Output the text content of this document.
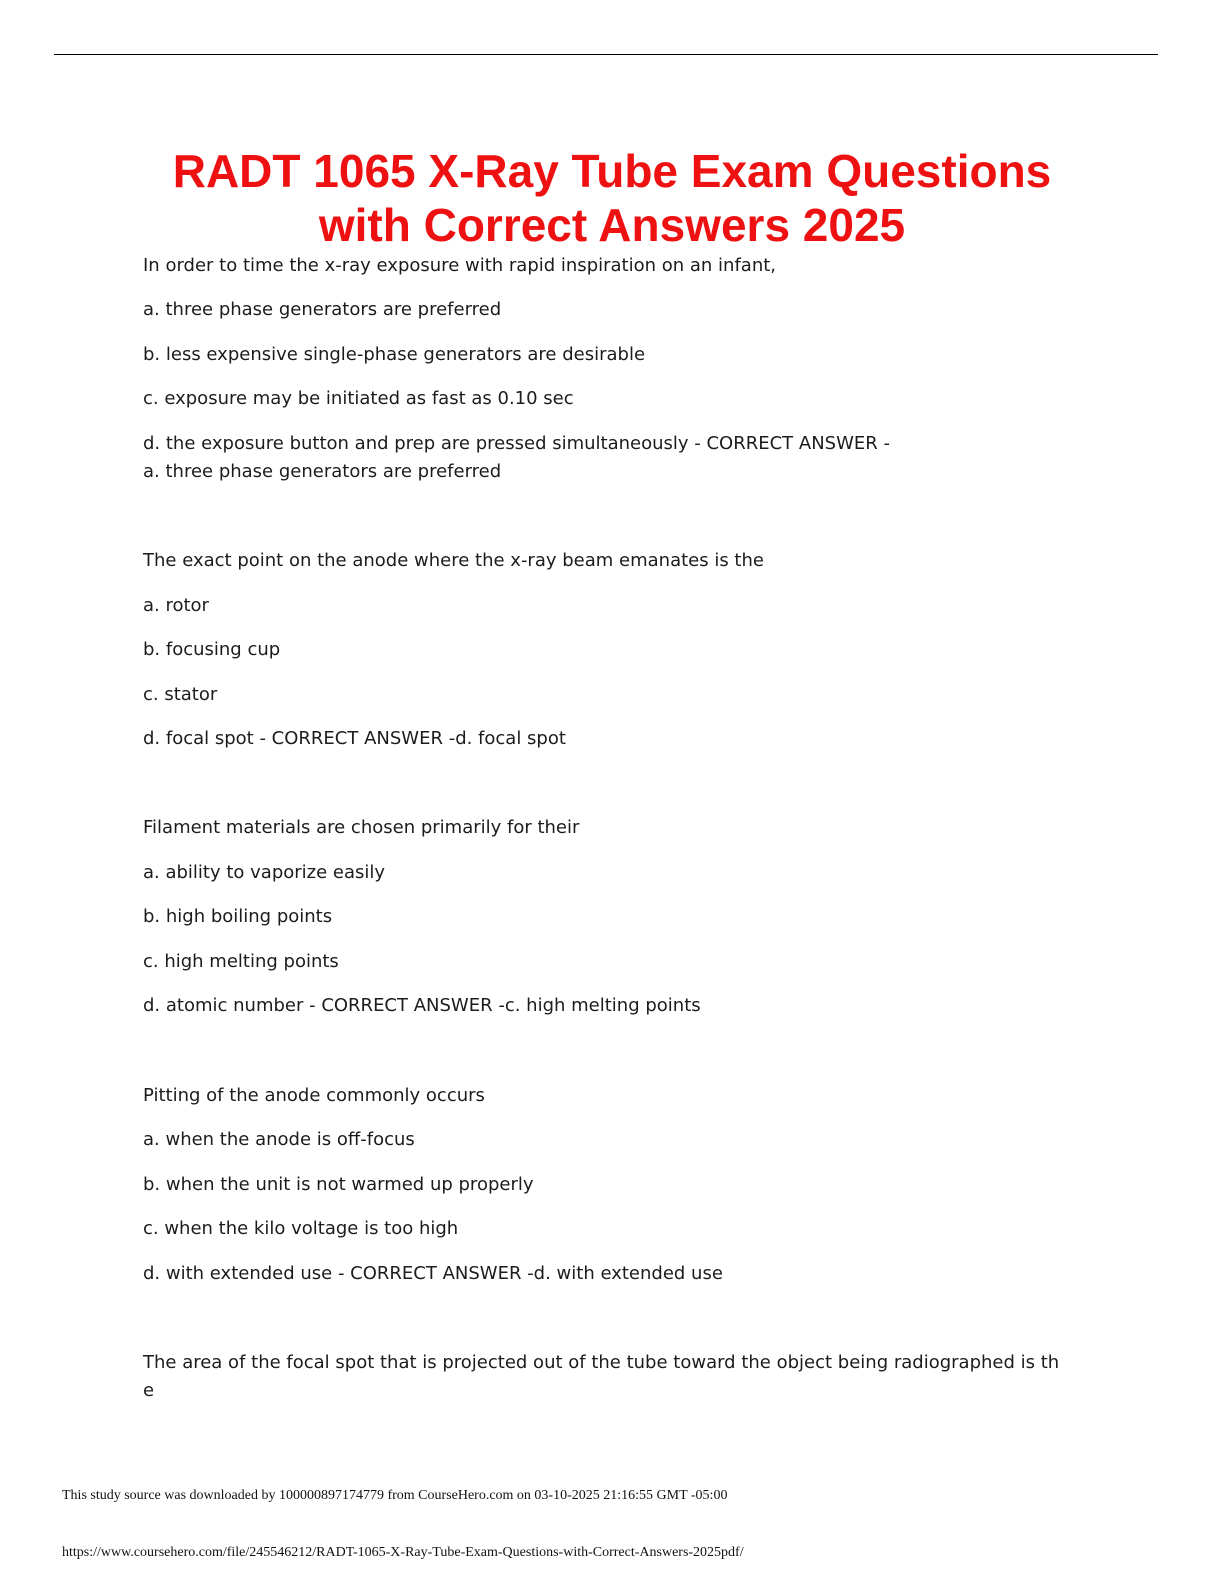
RADT 1065 X-Ray Tube Exam Questions
with Correct Answers 2025
In order to time the x-ray exposure with rapid inspiration on an infant,
a. three phase generators are preferred
b. less expensive single-phase generators are desirable
c. exposure may be initiated as fast as 0.10 sec
d. the exposure button and prep are pressed simultaneously - CORRECT ANSWER -
a. three phase generators are preferred
The exact point on the anode where the x-ray beam emanates is the
a. rotor
b. focusing cup
c. stator
d. focal spot - CORRECT ANSWER -d. focal spot
Filament materials are chosen primarily for their
a. ability to vaporize easily
b. high boiling points
c. high melting points
d. atomic number - CORRECT ANSWER -c. high melting points
Pitting of the anode commonly occurs
a. when the anode is off-focus
b. when the unit is not warmed up properly
c. when the kilo voltage is too high
d. with extended use - CORRECT ANSWER -d. with extended use
The area of the focal spot that is projected out of the tube toward the object being radiographed is th
e
This study source was downloaded by 100000897174779 from CourseHero.com on 03-10-2025 21:16:55 GMT -05:00
https://www.coursehero.com/file/245546212/RADT-1065-X-Ray-Tube-Exam-Questions-with-Correct-Answers-2025pdf/
